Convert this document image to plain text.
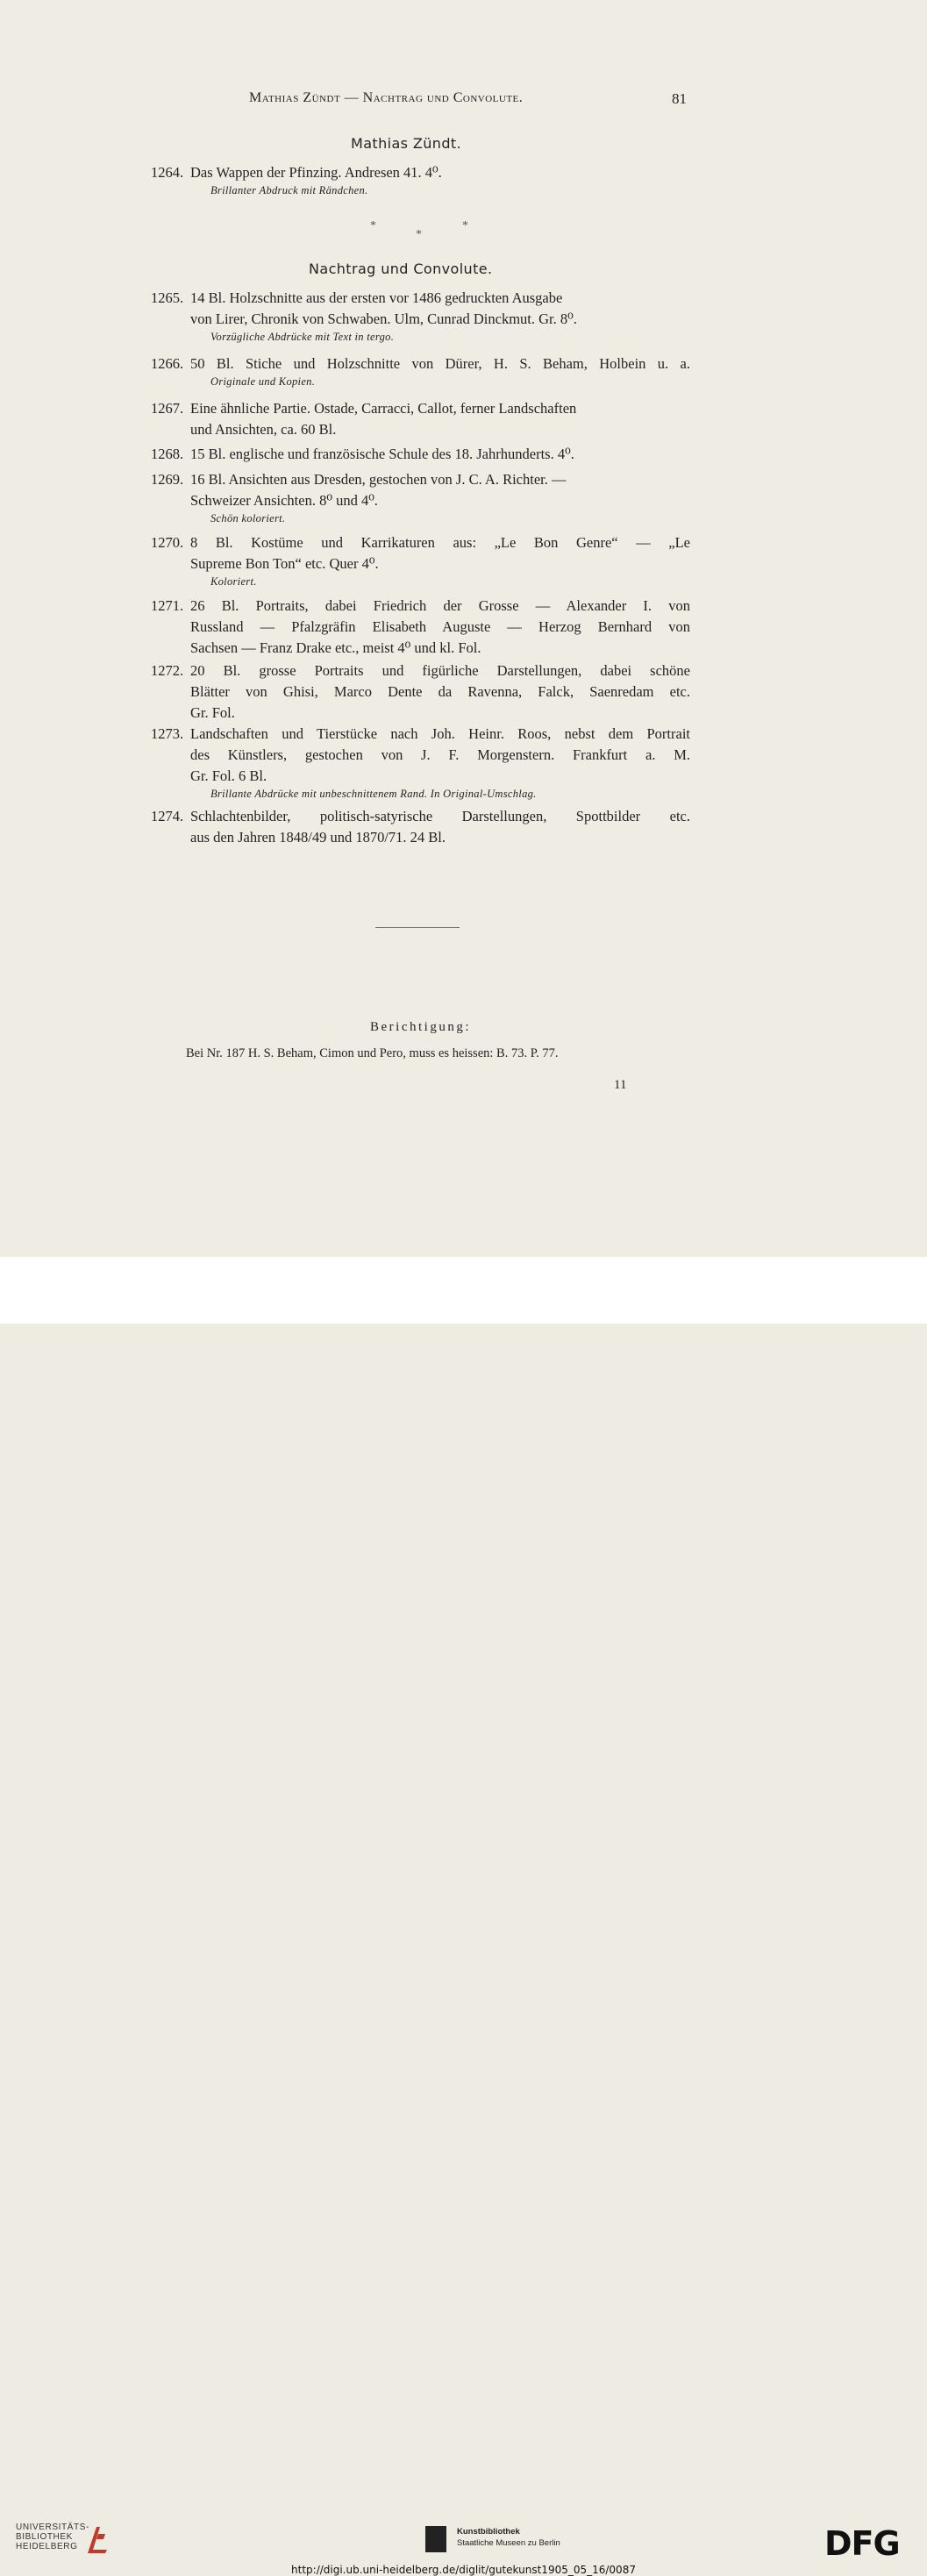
Mathias Zündt — Nachtrag und Convolute.	81
Mathias Zündt.
1264. Das Wappen der Pfinzing. Andresen 41. 4⁰.
Brillanter Abdruck mit Rändchen.
*	*
*
Nachtrag und Convolute.
1265. 14 Bl. Holzschnitte aus der ersten vor 1486 gedruckten Ausgabe
von Lirer, Chronik von Schwaben. Ulm, Cunrad Dinckmut. Gr. 8⁰.
Vorzügliche Abdrücke mit Text in tergo.
1266. 50 Bl. Stiche und Holzschnitte von Dürer, H. S. Beham, Holbein u. a.
Originale und Kopien.
1267. Eine ähnliche Partie. Ostade, Carracci, Callot, ferner Landschaften
und Ansichten, ca. 60 Bl.
1268. 15 Bl. englische und französische Schule des 18. Jahrhunderts. 4⁰.
1269. 16 Bl. Ansichten aus Dresden, gestochen von J. C. A. Richter. —
Schweizer Ansichten. 8⁰ und 4⁰.
Schön koloriert.
1270. 8 Bl. Kostüme und Karrikaturen aus: „Le Bon Genre“ — „Le
Supreme Bon Ton“ etc. Quer 4⁰.
Koloriert.
1271. 26 Bl. Portraits, dabei Friedrich der Grosse — Alexander I. von
Russland — Pfalzgräfin Elisabeth Auguste — Herzog Bernhard von
Sachsen — Franz Drake etc., meist 4⁰ und kl. Fol.
1272. 20 Bl. grosse Portraits und figürliche Darstellungen, dabei schöne
Blätter von Ghisi, Marco Dente da Ravenna, Falck, Saenredam etc.
Gr. Fol.
1273. Landschaften und Tierstücke nach Joh. Heinr. Roos, nebst dem Portrait
des Künstlers, gestochen von J. F. Morgenstern. Frankfurt a. M.
Gr. Fol. 6 Bl.
Brillante Abdrücke mit unbeschnittenem Rand. In Original-Umschlag.
1274. Schlachtenbilder, politisch-satyrische Darstellungen, Spottbilder etc.
aus den Jahren 1848/49 und 1870/71. 24 Bl.
Berichtigung:
Bei Nr. 187 H. S. Beham, Cimon und Pero, muss es heissen: B. 73. P. 77.
11
UNIVERSITÄTS-
BIBLIOTHEK
HEIDELBERG
Kunstbibliothek
Staatliche Museen zu Berlin	DFG
http://digi.ub.uni-heidelberg.de/diglit/gutekunst1905_05_16/0087
